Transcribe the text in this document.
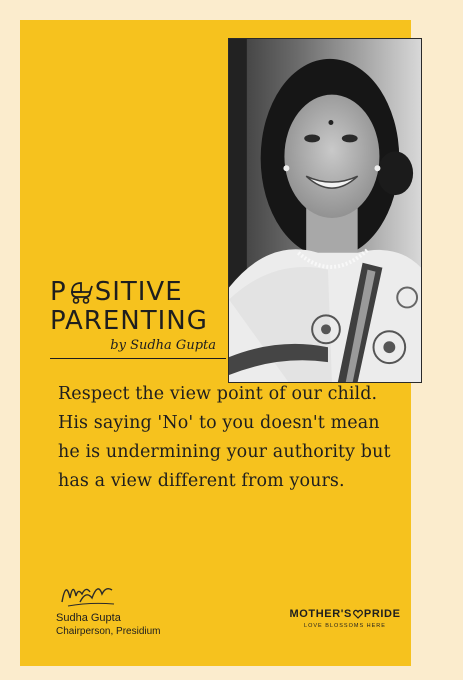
P SITIVE
PARENTING
by Sudha Gupta
Respect the view point of our child. His saying 'No' to you doesn't mean he is undermining your authority but has a view different from yours.
Sudha Gupta
Chairperson, Presidium
MOTHER'S PRIDE
LOVE BLOSSOMS HERE
